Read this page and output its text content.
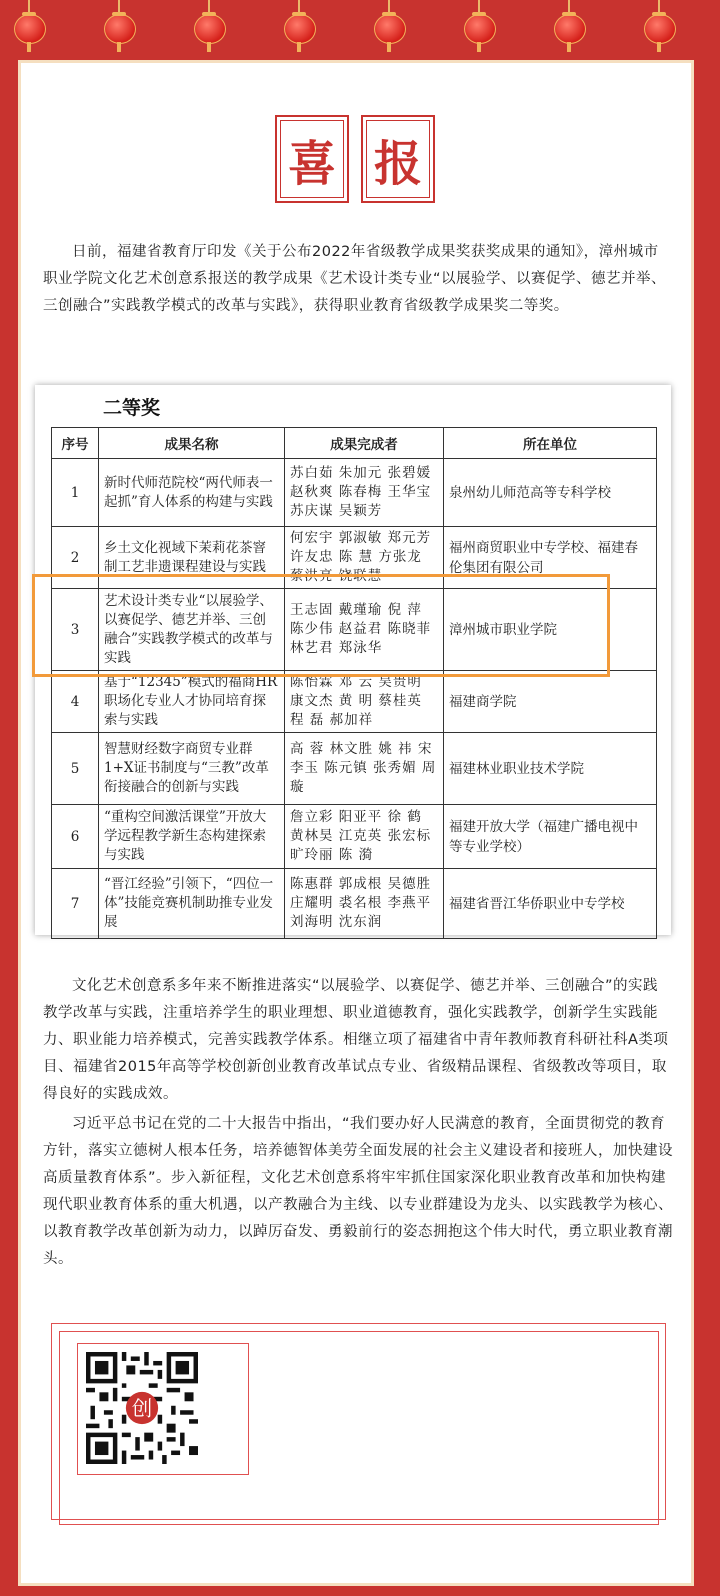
喜 报

日前，福建省教育厅印发《关于公布2022年省级教学成果奖获奖成果的通知》，漳州城市职业学院文化艺术创意系报送的教学成果《艺术设计类专业“以展验学、以赛促学、德艺并举、三创融合”实践教学模式的改革与实践》，获得职业教育省级教学成果奖二等奖。

二等奖
序号	成果名称	成果完成者	所在单位
1	新时代师范院校“两代师表一起抓”育人体系的构建与实践	苏白茹 朱加元 张碧媛 赵秋爽 陈春梅 王华宝 苏庆谋 吴颖芳	泉州幼儿师范高等专科学校
2	乡土文化视域下茉莉花茶窨制工艺非遗课程建设与实践	何宏宇 郭淑敏 郑元芳 许友忠 陈 慧 方张龙 蔡洪亮 饶联慧	福州商贸职业中专学校、福建春伦集团有限公司
3	艺术设计类专业“以展验学、以赛促学、德艺并举、三创融合”实践教学模式的改革与实践	王志固 戴瑾瑜 倪 萍 陈少伟 赵益君 陈晓菲 林艺君 郑泳华	漳州城市职业学院
4	基于“12345”模式的福商HR职场化专业人才协同培育探索与实践	陈怡霖 邓 云 吴贵明 康文杰 黄 明 蔡桂英 程 磊 郝加祥	福建商学院
5	智慧财经数字商贸专业群1+X证书制度与“三教”改革衔接融合的创新与实践	高 蓉 林文胜 姚 祎 宋李玉 陈元镇 张秀媚 周 璇	福建林业职业技术学院
6	“重构空间激活课堂”开放大学远程教学新生态构建探索与实践	詹立彩 阳亚平 徐 鹤 黄林昊 江克英 张宏标 旷玲丽 陈 漪	福建开放大学（福建广播电视中等专业学校）
7	“晋江经验”引领下，“四位一体”技能竞赛机制助推专业发展	陈惠群 郭成根 吴德胜 庄耀明 裘名根 李燕平 刘海明 沈东润	福建省晋江华侨职业中专学校

文化艺术创意系多年来不断推进落实“以展验学、以赛促学、德艺并举、三创融合”的实践教学改革与实践，注重培养学生的职业理想、职业道德教育，强化实践教学，创新学生实践能力、职业能力培养模式，完善实践教学体系。相继立项了福建省中青年教师教育科研社科A类项目、福建省2015年高等学校创新创业教育改革试点专业、省级精品课程、省级教改等项目，取得良好的实践成效。

习近平总书记在党的二十大报告中指出，“我们要办好人民满意的教育，全面贯彻党的教育方针，落实立德树人根本任务，培养德智体美劳全面发展的社会主义建设者和接班人，加快建设高质量教育体系”。步入新征程，文化艺术创意系将牢牢抓住国家深化职业教育改革和加快构建现代职业教育体系的重大机遇，以产教融合为主线、以专业群建设为龙头、以实践教学为核心、以教育教学改革创新为动力，以踔厉奋发、勇毅前行的姿态拥抱这个伟大时代，勇立职业教育潮头。

创
